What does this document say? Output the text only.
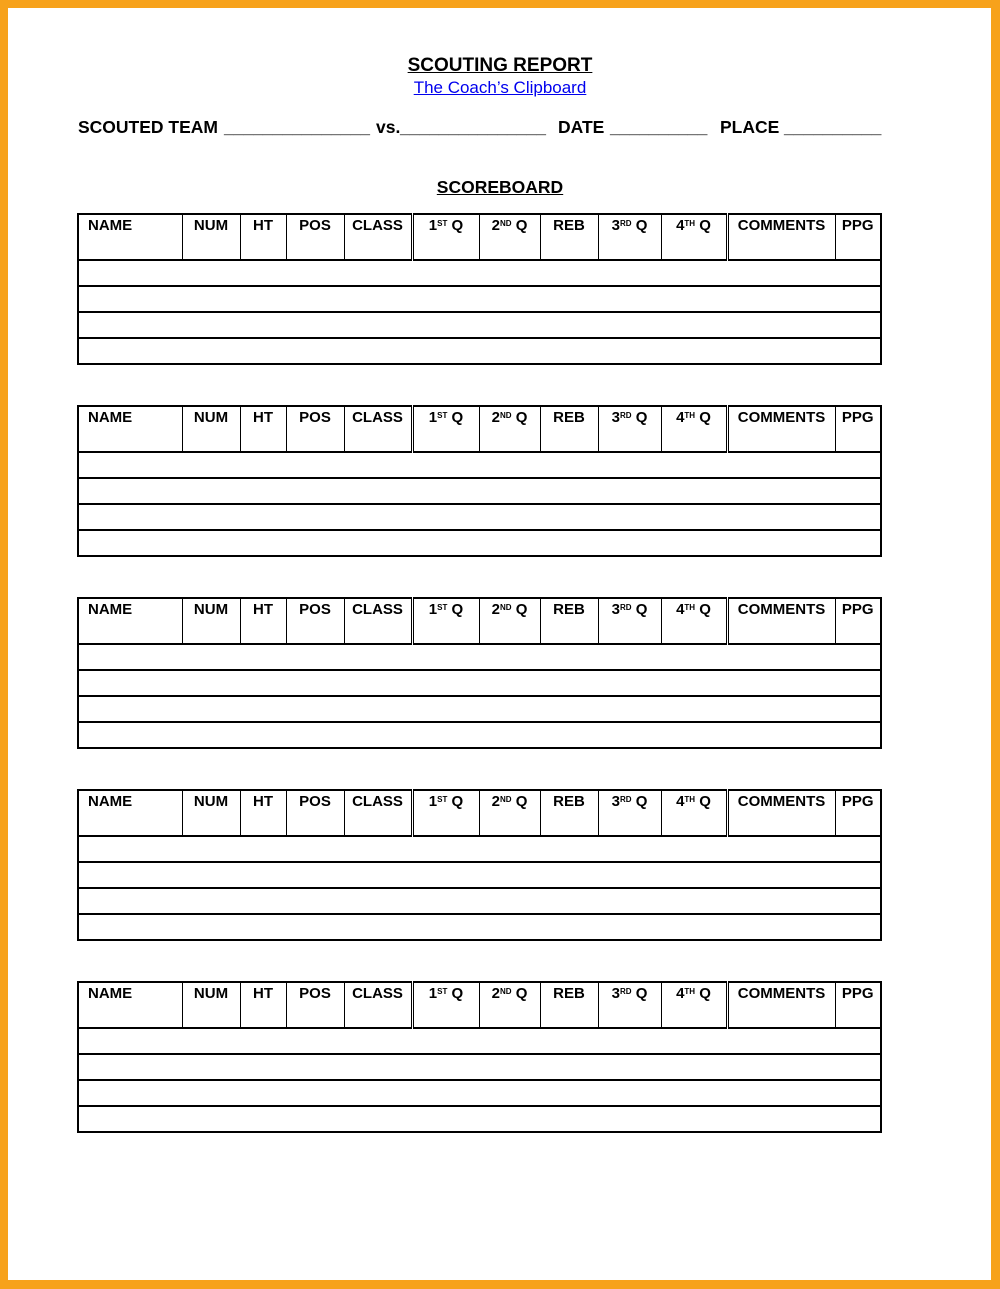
SCOUTING REPORT
The Coach’s Clipboard
SCOUTED TEAM _______________ vs. _______________ DATE __________ PLACE __________
SCOREBOARD
NAME	NUM	HT	POS	CLASS	1ST Q	2ND Q	REB	3RD Q	4TH Q	COMMENTS	PPG

NAME	NUM	HT	POS	CLASS	1ST Q	2ND Q	REB	3RD Q	4TH Q	COMMENTS	PPG

NAME	NUM	HT	POS	CLASS	1ST Q	2ND Q	REB	3RD Q	4TH Q	COMMENTS	PPG

NAME	NUM	HT	POS	CLASS	1ST Q	2ND Q	REB	3RD Q	4TH Q	COMMENTS	PPG

NAME	NUM	HT	POS	CLASS	1ST Q	2ND Q	REB	3RD Q	4TH Q	COMMENTS	PPG
